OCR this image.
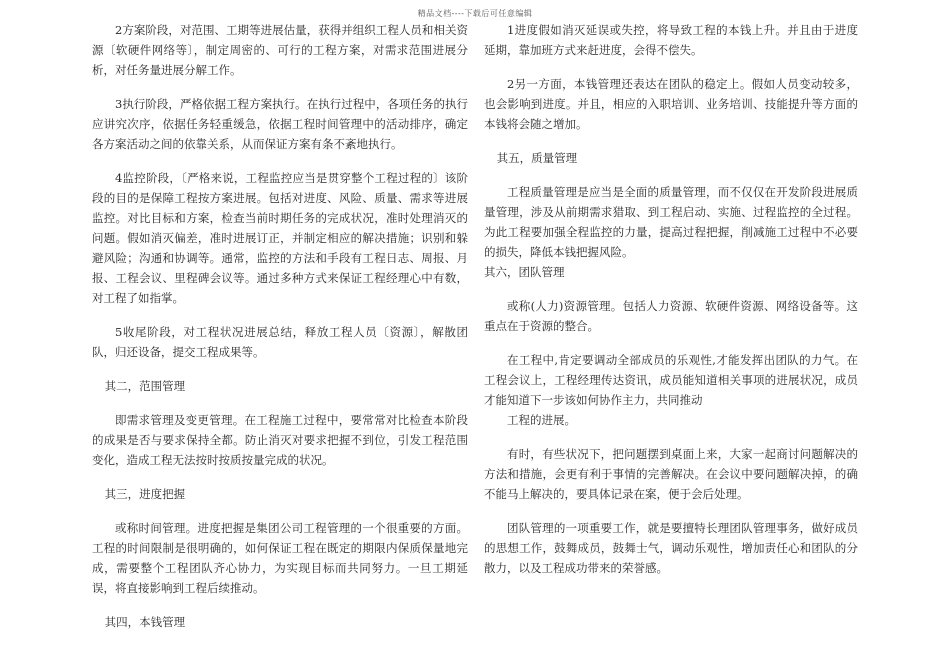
精品文档----下载后可任意编辑

2方案阶段，对范围、工期等进展估量，获得并组织工程人员和相关资源〔软硬件网络等〕，制定周密的、可行的工程方案，对需求范围进展分析，对任务量进展分解工作。

3执行阶段，严格依据工程方案执行。在执行过程中，各项任务的执行应讲究次序，依据任务轻重缓急，依据工程时间管理中的活动排序，确定各方案活动之间的依靠关系，从而保证方案有条不紊地执行。

4监控阶段，〔严格来说，工程监控应当是贯穿整个工程过程的〕该阶段的目的是保障工程按方案进展。包括对进度、风险、质量、需求等进展监控。对比目标和方案，检查当前时期任务的完成状况，准时处理消灭的问题。假如消灭偏差，准时进展订正，并制定相应的解决措施；识别和躲避风险；沟通和协调等。通常，监控的方法和手段有工程日志、周报、月报、工程会议、里程碑会议等。通过多种方式来保证工程经理心中有数，对工程了如指掌。

5收尾阶段，对工程状况进展总结，释放工程人员〔资源〕，解散团队，归还设备，提交工程成果等。

其二，范围管理

即需求管理及变更管理。在工程施工过程中，要常常对比检查本阶段的成果是否与要求保持全都。防止消灭对要求把握不到位，引发工程范围变化，造成工程无法按时按质按量完成的状况。

其三，进度把握

或称时间管理。进度把握是集团公司工程管理的一个很重要的方面。工程的时间限制是很明确的，如何保证工程在既定的期限内保质保量地完成，需要整个工程团队齐心协力，为实现目标而共同努力。一旦工期延误，将直接影响到工程后续推动。

其四，本钱管理

1进度假如消灭延误或失控，将导致工程的本钱上升。并且由于进度延期，靠加班方式来赶进度，会得不偿失。

2另一方面，本钱管理还表达在团队的稳定上。假如人员变动较多，也会影响到进度。并且，相应的入职培训、业务培训、技能提升等方面的本钱将会随之增加。

其五，质量管理

工程质量管理是应当是全面的质量管理，而不仅仅在开发阶段进展质量管理，涉及从前期需求猎取、到工程启动、实施、过程监控的全过程。为此工程要加强全程监控的力量，提高过程把握，削减施工过程中不必要的损失，降低本钱把握风险。

其六，团队管理

或称(人力)资源管理。包括人力资源、软硬件资源、网络设备等。这重点在于资源的整合。

在工程中,肯定要调动全部成员的乐观性,才能发挥出团队的力气。在工程会议上，工程经理传达资讯，成员能知道相关事项的进展状况，成员才能知道下一步该如何协作主力，共同推动

工程的进展。

有时，有些状况下，把问题摆到桌面上来，大家一起商讨问题解决的方法和措施，会更有利于事情的完善解决。在会议中要问题解决掉，的确不能马上解决的，要具体记录在案，便于会后处理。

团队管理的一项重要工作，就是要擅特长理团队管理事务，做好成员的思想工作，鼓舞成员，鼓舞士气，调动乐观性，增加责任心和团队的分散力，以及工程成功带来的荣誉感。
